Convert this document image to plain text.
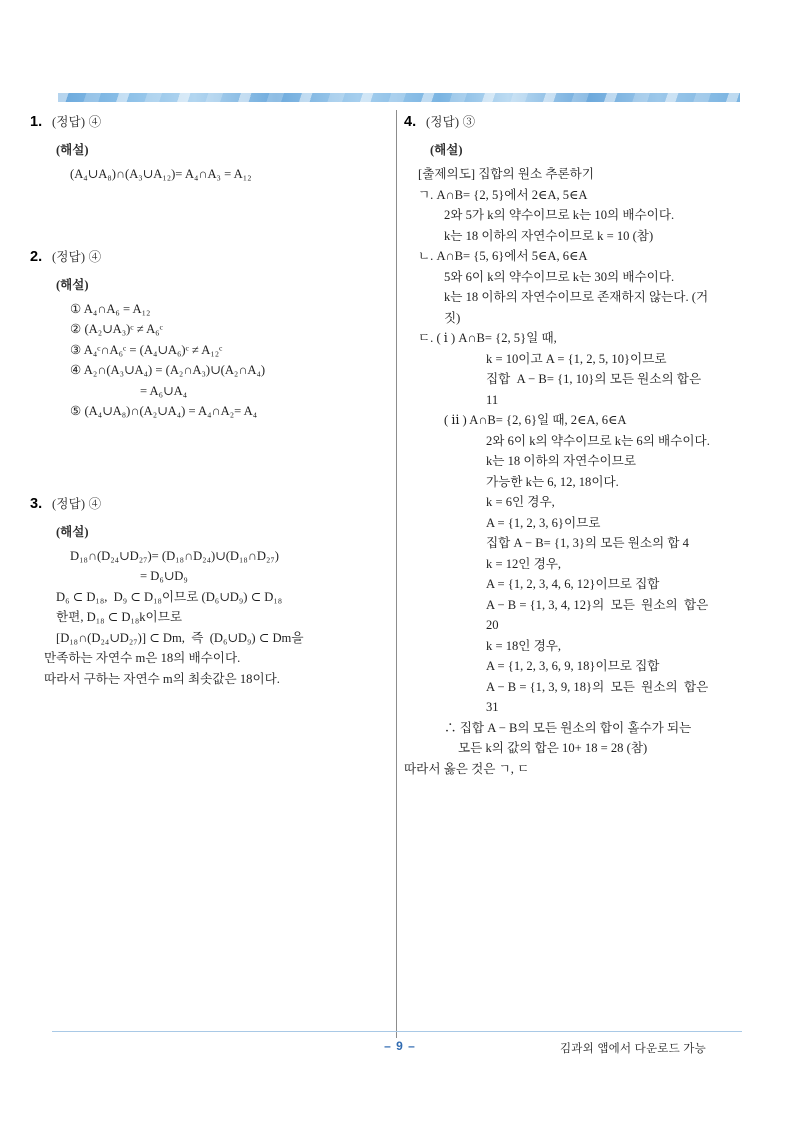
1. (정답) ④
(해설)
(A₄∪A₈)∩(A₃∪A₁₂)= A₄∩A₃ = A₁₂
2. (정답) ④
(해설)
① A₄∩A₆ = A₁₂
② (A₂∪A₃)ᶜ ≠ A₆ᶜ
③ A₄ᶜ∩A₆ᶜ = (A₄∪A₆)ᶜ ≠ A₁₂ᶜ
④ A₂∩(A₃∪A₄) = (A₂∩A₃)∪(A₂∩A₄)
= A₆∪A₄
⑤ (A₄∪A₈)∩(A₂∪A₄) = A₄∩A₂= A₄
3. (정답) ④
(해설)
D₁₈∩(D₂₄∪D₂₇)= (D₁₈∩D₂₄)∪(D₁₈∩D₂₇)
= D₆∪D₉
D₆ ⊂ D₁₈,  D₉ ⊂ D₁₈이므로 (D₆∪D₉) ⊂ D₁₈
한편, D₁₈ ⊂ D₁₈k이므로
[D₁₈∩(D₂₄∪D₂₇)] ⊂ Dm,  즉  (D₆∪D₉) ⊂ Dm을
만족하는 자연수 m은 18의 배수이다.
따라서 구하는 자연수 m의 최솟값은 18이다.
4. (정답) ③
(해설)
[출제의도] 집합의 원소 추론하기
ㄱ. A∩B= {2, 5}에서 2∈A, 5∈A
2와 5가 k의 약수이므로 k는 10의 배수이다.
k는 18 이하의 자연수이므로 k = 10 (참)
ㄴ. A∩B= {5, 6}에서 5∈A, 6∈A
5와 6이 k의 약수이므로 k는 30의 배수이다.
k는 18 이하의 자연수이므로 존재하지 않는다. (거
짓)
ㄷ. ( ⅰ ) A∩B= {2, 5}일 때,
k = 10이고 A = {1, 2, 5, 10}이므로
집합  A − B= {1, 10}의 모든 원소의 합은
11
( ⅱ ) A∩B= {2, 6}일 때, 2∈A, 6∈A
2와 6이 k의 약수이므로 k는 6의 배수이다.
k는 18 이하의 자연수이므로
가능한 k는 6, 12, 18이다.
k = 6인 경우,
A = {1, 2, 3, 6}이므로
집합 A − B= {1, 3}의 모든 원소의 합 4
k = 12인 경우,
A = {1, 2, 3, 4, 6, 12}이므로 집합
A − B = {1, 3, 4, 12}의  모든  원소의  합은
20
k = 18인 경우,
A = {1, 2, 3, 6, 9, 18}이므로 집합
A − B = {1, 3, 9, 18}의  모든  원소의  합은
31
∴ 집합 A − B의 모든 원소의 합이 홀수가 되는
모든 k의 값의 합은 10+ 18 = 28 (참)
따라서 옳은 것은 ㄱ, ㄷ
– 9 –	김과외 앱에서 다운로드 가능
